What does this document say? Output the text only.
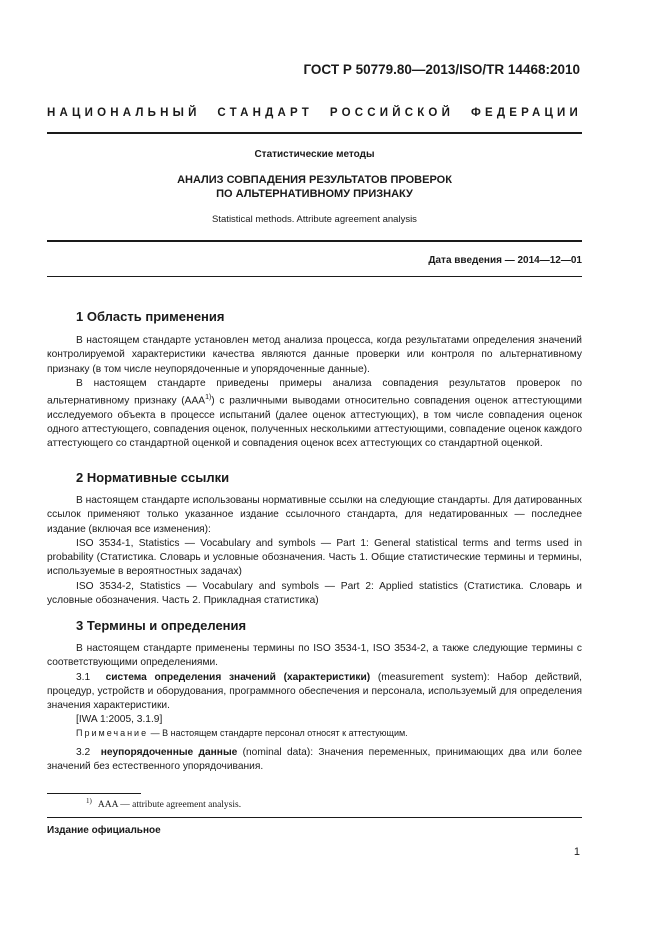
ГОСТ Р 50779.80—2013/ISO/TR 14468:2010
НАЦИОНАЛЬНЫЙ СТАНДАРТ РОССИЙСКОЙ ФЕДЕРАЦИИ
Статистические методы
АНАЛИЗ СОВПАДЕНИЯ РЕЗУЛЬТАТОВ ПРОВЕРОК
ПО АЛЬТЕРНАТИВНОМУ ПРИЗНАКУ
Statistical methods. Attribute agreement analysis
Дата введения — 2014—12—01
1 Область применения

В настоящем стандарте установлен метод анализа процесса, когда результатами определения значений контролируемой характеристики качества являются данные проверки или контроля по альтернативному признаку (в том числе неупорядоченные и упорядоченные данные).

В настоящем стандарте приведены примеры анализа совпадения результатов проверок по альтернативному признаку (ААА$^{1)}$) с различными выводами относительно совпадения оценок аттестующими исследуемого объекта в процессе испытаний (далее оценок аттестующих), в том числе совпадения оценок одного аттестующего, совпадения оценок, полученных несколькими аттестующими, совпадение оценок каждого аттестующего со стандартной оценкой и совпадения оценок всех аттестующих со стандартной оценкой.

2 Нормативные ссылки

В настоящем стандарте использованы нормативные ссылки на следующие стандарты. Для датированных ссылок применяют только указанное издание ссылочного стандарта, для недатированных — последнее издание (включая все изменения):

ISO 3534-1, Statistics — Vocabulary and symbols — Part 1: General statistical terms and terms used in probability (Статистика. Словарь и условные обозначения. Часть 1. Общие статистические термины и термины, используемые в вероятностных задачах)

ISO 3534-2, Statistics — Vocabulary and symbols — Part 2: Applied statistics (Статистика. Словарь и условные обозначения. Часть 2. Прикладная статистика)

3 Термины и определения

В настоящем стандарте применены термины по ISO 3534-1, ISO 3534-2, а также следующие термины с соответствующими определениями.

3.1 система определения значений (характеристики) (measurement system): Набор действий, процедур, устройств и оборудования, программного обеспечения и персонала, используемый для определения значения характеристики.

[IWA 1:2005, 3.1.9]

Примечание — В настоящем стандарте персонал относят к аттестующим.

3.2 неупорядоченные данные (nominal data): Значения переменных, принимающих два или более значений без естественного упорядочивания.

$^{1)}$ AAA –– attribute agreement analysis.
Издание официальное
1
